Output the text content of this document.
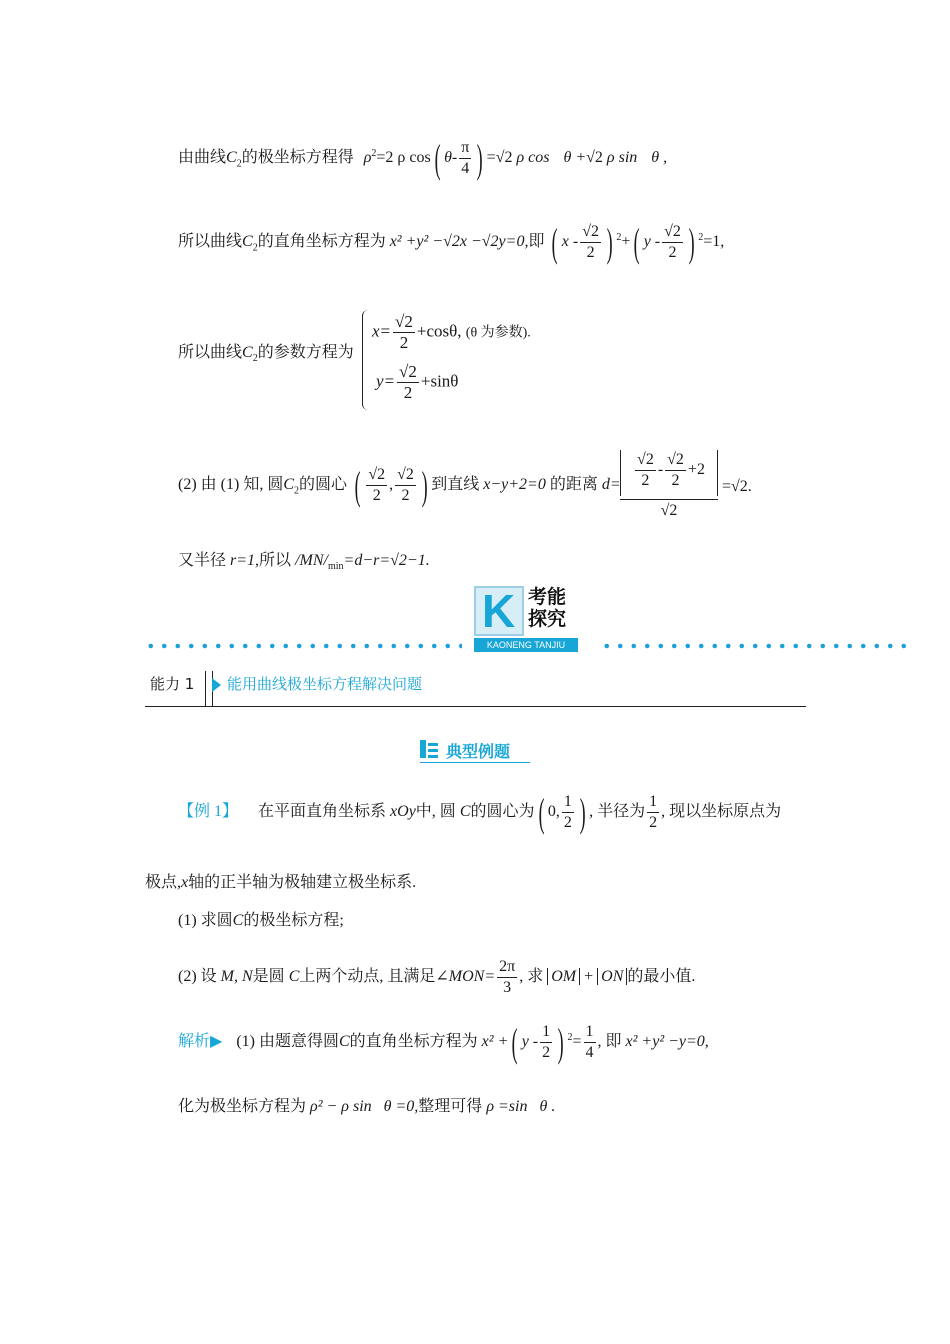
由曲线$C_2$的极坐标方程得 $\rho^2=2$ ρ cos( $\theta- \frac{\pi}{4}$ ) =√2 ρ cos θ +√2 ρ sin θ ,
所以曲线$C_2$的直角坐标方程为 x² +y² −√2x −√2y=0,即 ( x - $\frac{√2}{2}$ ) $^2$+( y - $\frac{√2}{2}$ ) $^2$=1,
所以曲线$C_2$的参数方程为
$x= \frac{√2}{2} +\cos\theta$, (θ 为参数).
$y= \frac{√2}{2} +\sin\theta$
(2) 由 (1) 知, 圆$C_2$的圆心 ( $\frac{√2}{2}$ , $\frac{√2}{2}$ ) 到直线 x−y+2=0 的距离 $d= \frac{√2}{2} - \frac{√2}{2} +2$
√2
=√2.
又半径 r=1,所以 $/MN/_{min}=d-r=√2-1$.
K 考能
探究
KAONENG TANJIU
能力 1	能用曲线极坐标方程解决问题
典型例题
【例 1】 在平面直角坐标系 xOy中, 圆 C的圆心为( 0, $\frac{1}{2}$ ) , 半径为 $\frac{1}{2}$ , 现以坐标原点为
极点,x轴的正半轴为极轴建立极坐标系.
(1) 求圆C的极坐标方程;
(2) 设 M, N是圆 C上两个动点, 且满足∠MON= $\frac{2\pi}{3}$ , 求 OM + ON 的最小值.
解析▶ (1) 由题意得圆C的直角坐标方程为 x² +( y - $\frac{1}{2}$ ) $^2= \frac{1}{4}$ , 即 x² +y² −y=0,
化为极坐标方程为 ρ² − ρ sin θ =0,整理可得 ρ =sin θ .
